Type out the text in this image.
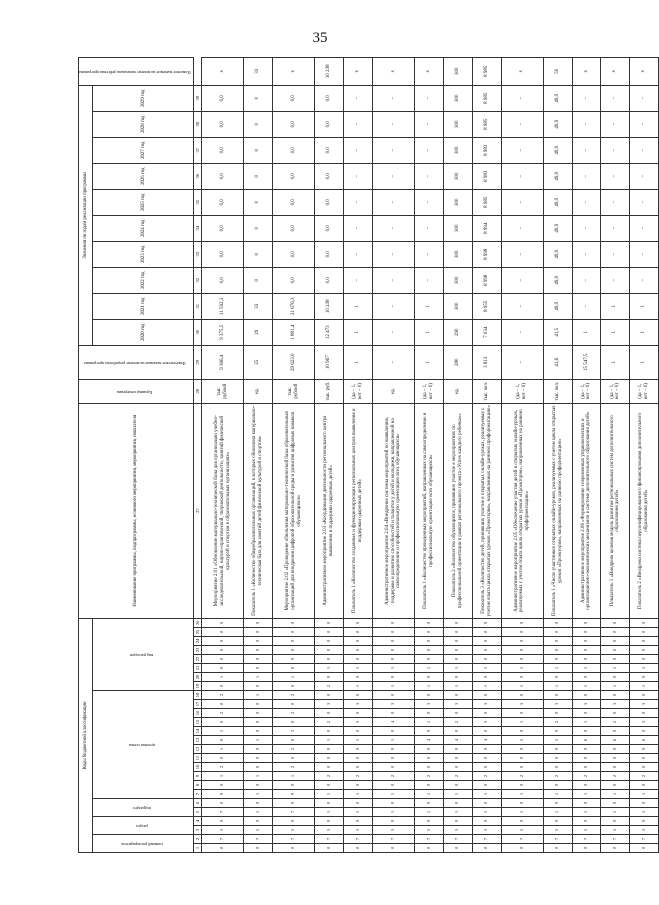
35
Коды бюджетной классификации																										Наименование программы, подпрограммы, основного мероприятия, мероприятия, показателя	Единица измерения	Фактическое значение на момент разработки программы	Значения по годам реализации программы										Плановое значение на момент окончания действия программы
главный распорядитель		раздел		подраздел		целевая статья												вид расходов											2020 год	2021 год	2022 год	2023 год	2024 год	2025 год	2026 год	2027 год	2028 год	2029 год	
1	2	3	4	5	6	7	8	9	10	11	12	13	14	15	16	17	18	19	20	21	22	23	24	25	26	27	28	29	30	31	32	33	34	35	36	37	38	39	
0	7	5	0	7	0	9	0	1	2	0	1	0	1	0	2	0	2	0	1	0	0	0	0	0	0	Мероприятие 2.01 «Обновление материально-технической базы для организации учебно-исследовательской, научно-практической, творческой деятельности, занятий физической культурой и спортом в образовательных организациях»	тыс. рублей	9 366,4	9 375,5	11 592,3	0,0	0,0	0,0	0,0	0,0	0,0	0,0	0,0	х
0	7	5	0	1	0	1	0	1	0	0	0	1	0	0	0	0	1	0	1	0	0	0	0	0	0	Показатель 1 «Количество общеобразовательных организаций, в которых обновлена материально-техническая база для занятий детей физической культурой и спортом»	ед.	25	29	33	0	0	0	0	0	0	0	0	33
0	7	5	0	7	0	9	0	1	2	0	2	0	3	0	2	0	2	0	1	0	0	0	0	0	0	Мероприятие 2.02 «Проведение обновления материально-технической базы образовательных организаций для внедрения цифровой образовательной среды и развития цифровых навыков обучающихся»	тыс. рублей	29 623,0	1 881,4	21 676,3	0,0	0,0	0,0	0,0	0,0	0,0	0,0	0,0	х
0	7	5	0	1	0	1	0	2	0	0	0	1	0	2	0	3	0	2	0	1	0	0	0	0	0	Административное мероприятие 2.03 «Координация деятельности регионального центра выявления и поддержки одаренных детей»	тыс. руб.	10 967	12 473	10 238	0,0	0,0	0,0	0,0	0,0	0,0	0,0	0,0	10 238
0	7	5	0	1	0	1	0	2	0	0	0	1	0	3	0	3	0	1	0	1	0	0	0	0	0	Показатель 1 «Количество созданных и функционирующих региональных центров выявления и поддержки одаренных детей»	(да – 1, нет – 0)	1	1	1	–	–	–	–	–	–	–	–	х
0	7	5	0	1	0	1	0	2	0	0	0	1	0	4	0	3	0	1	0	1	0	0	0	0	0	Административное мероприятие 2.04 «Внедрение системы мероприятий по выявлению, поддержке и развитию способностей и талантов у детей и молодежи, направленной на самоопределение и профессиональную ориентацию всех обучающихся»	ед.	–	–	–	–	–	–	–	–	–	–	–	х
0	7	5	0	1	0	1	0	2	0	0	0	4	0	1	0	3	0	1	0	1	0	0	0	0	0	Показатель 1 «Количество проведенных мероприятий, направленных на самоопределение и профессиональную ориентацию всех обучающихся»	(да – 1, нет – 0)	1	1	1	–	–	–	–	–	–	–	–	х
0	7	5	0	1	0	1	0	2	0	0	0	4	0	2	0	3	0	1	0	1	0	0	0	0	0	Показатель 2 «Количество обучающихся, принявших участие в мероприятиях по профессиональной ориентации в рамках регионального проекта «Успех каждого ребенка»»	ед.	280	290	300	300	300	300	300	300	300	300	300	300
0	7	5	0	1	0	1	0	2	0	0	0	4	0	3	0	3	0	1	0	1	0	0	0	0	0	Показатель 3 «Количество детей, принявших участие в открытых онлайн-уроках, реализуемых с учетом опыта цикла открытых уроков «Проектория», направленных на раннюю профориентацию»	тыс. чел.	3 813	7 034	8 955	8 998	8 998	8 994	8 985	8 983	8 983	8 985	8 985	8 985
0	7	5	0	1	0	1	0	2	0	0	0	5	0	1	0	3	0	1	0	1	0	0	0	0	0	Административное мероприятие 2.05 «Обеспечение участия детей в открытых онлайн-уроках, реализуемых с учетом опыта цикла открытых уроков «Проектория», направленных на раннюю профориентацию»	(да – 1, нет – 0)	–	–	–	–	–	–	–	–	–	–	–	х
0	7	5	0	1	0	1	0	2	0	0	0	5	0	2	0	3	0	1	0	1	0	0	0	0	0	Показатель 1 «Число участников открытых онлайн-уроков, реализуемых с учетом цикла открытых уроков «Проектория», направленных на раннюю профориентацию»	тыс. чел.	41,6	41,5	49,9	49,9	49,9	49,9	49,9	49,9	49,9	49,9	49,9	50
0	7	5	0	1	0	1	0	2	0	0	0	6	0	1	0	3	0	1	0	1	0	0	0	0	0	Административное мероприятие 2.06 «Формирование современных управленческих и организационно-экономических механизмов в системе дополнительного образования детей»	(да – 1, нет – 0)	15 547,5	1	–	–	–	–	–	–	–	–	–	х
0	7	5	0	1	0	1	0	2	0	0	0	6	0	2	0	3	0	1	0	1	0	0	0	0	0	Показатель 1 «Внедрена целевая модель развития региональных систем дополнительного образования детей»	(да – 1, нет – 0)	1	1	1	–	–	–	–	–	–	–	–	х
0	7	5	0	1	0	1	0	2	0	0	0	6	0	3	0	3	0	1	0	1	0	0	0	0	0	Показатель 2 «Внедрена система персонифицированного финансирования дополнительного образования детей»	(да – 1, нет – 0)	1	1	1	–	–	–	–	–	–	–	–	х
